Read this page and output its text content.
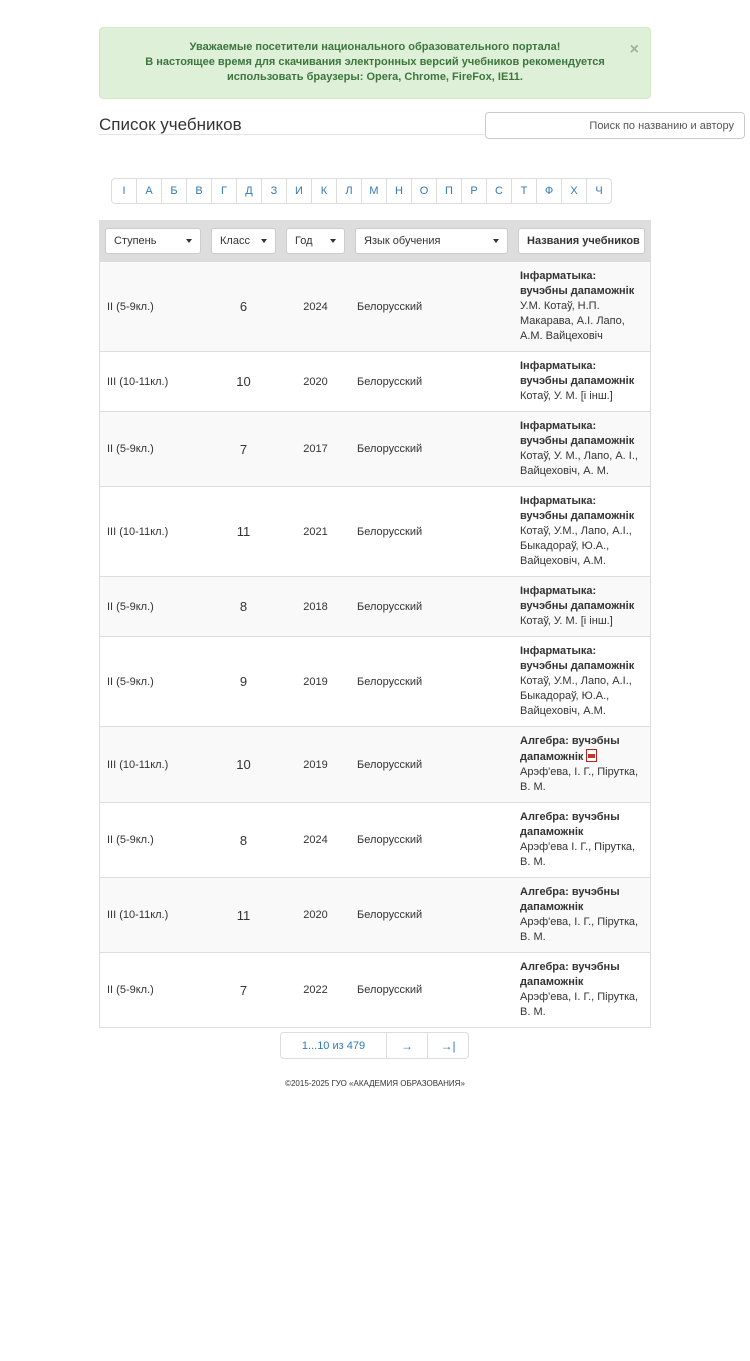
Уважаемые посетители национального образовательного портала!
В настоящее время для скачивания электронных версий учебников рекомендуется
использовать браузеры: Opera, Chrome, FireFox, IE11.
×
Список учебников
Поиск по названию и автору
І	А	Б	В	Г	Д	З	И	К	Л	М	Н	О	П	Р	С	Т	Ф	Х	Ч
Ступень	Класс	Год	Язык обучения	Названия учебников

II (5-9кл.)	6	2024	Белорусский	Інфарматыка: вучэбны дапаможнік
У.М. Котаў, Н.П. Макарава, А.І. Лапо, А.М. Вайцеховіч
III (10-11кл.)	10	2020	Белорусский	Інфарматыка: вучэбны дапаможнік
Котаў, У. М. [і інш.]
II (5-9кл.)	7	2017	Белорусский	Інфарматыка: вучэбны дапаможнік
Котаў, У. М., Лапо, А. І., Вайцеховіч, А. М.
III (10-11кл.)	11	2021	Белорусский	Інфарматыка: вучэбны дапаможнік
Котаў, У.М., Лапо, А.І., Быкадораў, Ю.А., Вайцеховіч, А.М.
II (5-9кл.)	8	2018	Белорусский	Інфарматыка: вучэбны дапаможнік
Котаў, У. М. [і інш.]
II (5-9кл.)	9	2019	Белорусский	Інфарматыка: вучэбны дапаможнік
Котаў, У.М., Лапо, А.І., Быкадораў, Ю.А., Вайцеховіч, А.М.
III (10-11кл.)	10	2019	Белорусский	Алгебра: вучэбны дапаможнік
Арэф'ева, І. Г., Піруткa, В. М.
II (5-9кл.)	8	2024	Белорусский	Алгебра: вучэбны дапаможнік
Арэф'ева І. Г., Піруткa, В. М.
III (10-11кл.)	11	2020	Белорусский	Алгебра: вучэбны дапаможнік
Арэф'ева, І. Г., Піруткa, В. М.
II (5-9кл.)	7	2022	Белорусский	Алгебра: вучэбны дапаможнік
Арэф'ева, І. Г., Піруткa, В. М.
1...10 из 479	→	→|
©2015-2025 ГУО «АКАДЕМИЯ ОБРАЗОВАНИЯ»
